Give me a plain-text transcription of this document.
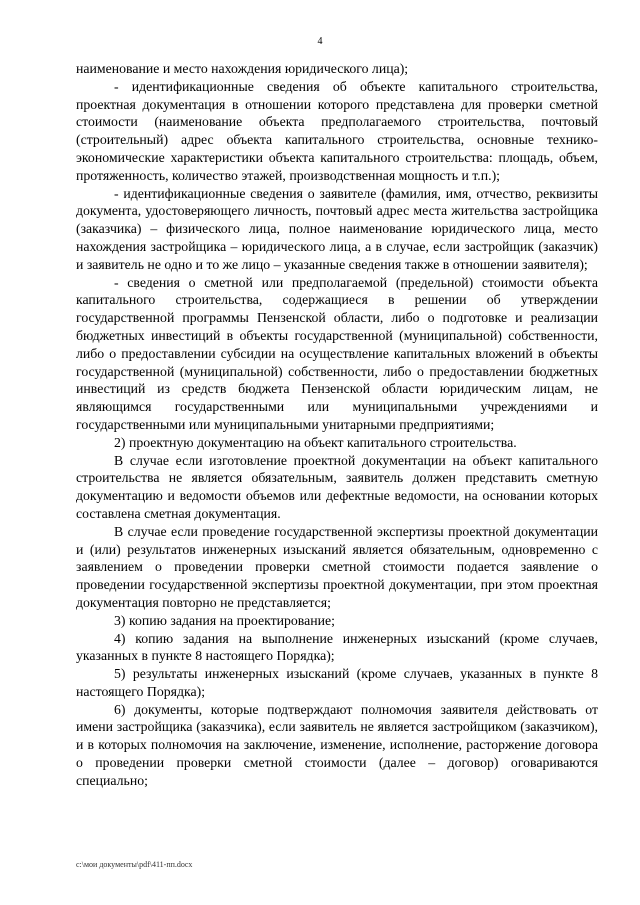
4

наименование и место нахождения юридического лица);

- идентификационные сведения об объекте капитального строительства, проектная документация в отношении которого представлена для проверки сметной стоимости (наименование объекта предполагаемого строительства, почтовый (строительный) адрес объекта капитального строительства, основные технико-экономические характеристики объекта капитального строительства: площадь, объем, протяженность, количество этажей, производственная мощность и т.п.);

- идентификационные сведения о заявителе (фамилия, имя, отчество, реквизиты документа, удостоверяющего личность, почтовый адрес места жительства застройщика (заказчика) – физического лица, полное наименование юридического лица, место нахождения застройщика – юридического лица, а в случае, если застройщик (заказчик) и заявитель не одно и то же лицо – указанные сведения также в отношении заявителя);

- сведения о сметной или предполагаемой (предельной) стоимости объекта капитального строительства, содержащиеся в решении об утверждении государственной программы Пензенской области, либо о подготовке и реализации бюджетных инвестиций в объекты государственной (муниципальной) собственности, либо о предоставлении субсидии на осуществление капитальных вложений в объекты государственной (муниципальной) собственности, либо о предоставлении бюджетных инвестиций из средств бюджета Пензенской области юридическим лицам, не являющимся государственными или муниципальными учреждениями и государственными или муниципальными унитарными предприятиями;

2) проектную документацию на объект капитального строительства.

В случае если изготовление проектной документации на объект капитального строительства не является обязательным, заявитель должен представить сметную документацию и ведомости объемов или дефектные ведомости, на основании которых составлена сметная документация.

В случае если проведение государственной экспертизы проектной документации и (или) результатов инженерных изысканий является обязательным, одновременно с заявлением о проведении проверки сметной стоимости подается заявление о проведении государственной экспертизы проектной документации, при этом проектная документация повторно не представляется;

3) копию задания на проектирование;

4) копию задания на выполнение инженерных изысканий (кроме случаев, указанных в пункте 8 настоящего Порядка);

5) результаты инженерных изысканий (кроме случаев, указанных в пункте 8 настоящего Порядка);

6) документы, которые подтверждают полномочия заявителя действовать от имени застройщика (заказчика), если заявитель не является застройщиком (заказчиком), и в которых полномочия на заключение, изменение, исполнение, расторжение договора о проведении проверки сметной стоимости (далее – договор) оговариваются специально;

c:\мои документы\pdf\411-пп.docx
